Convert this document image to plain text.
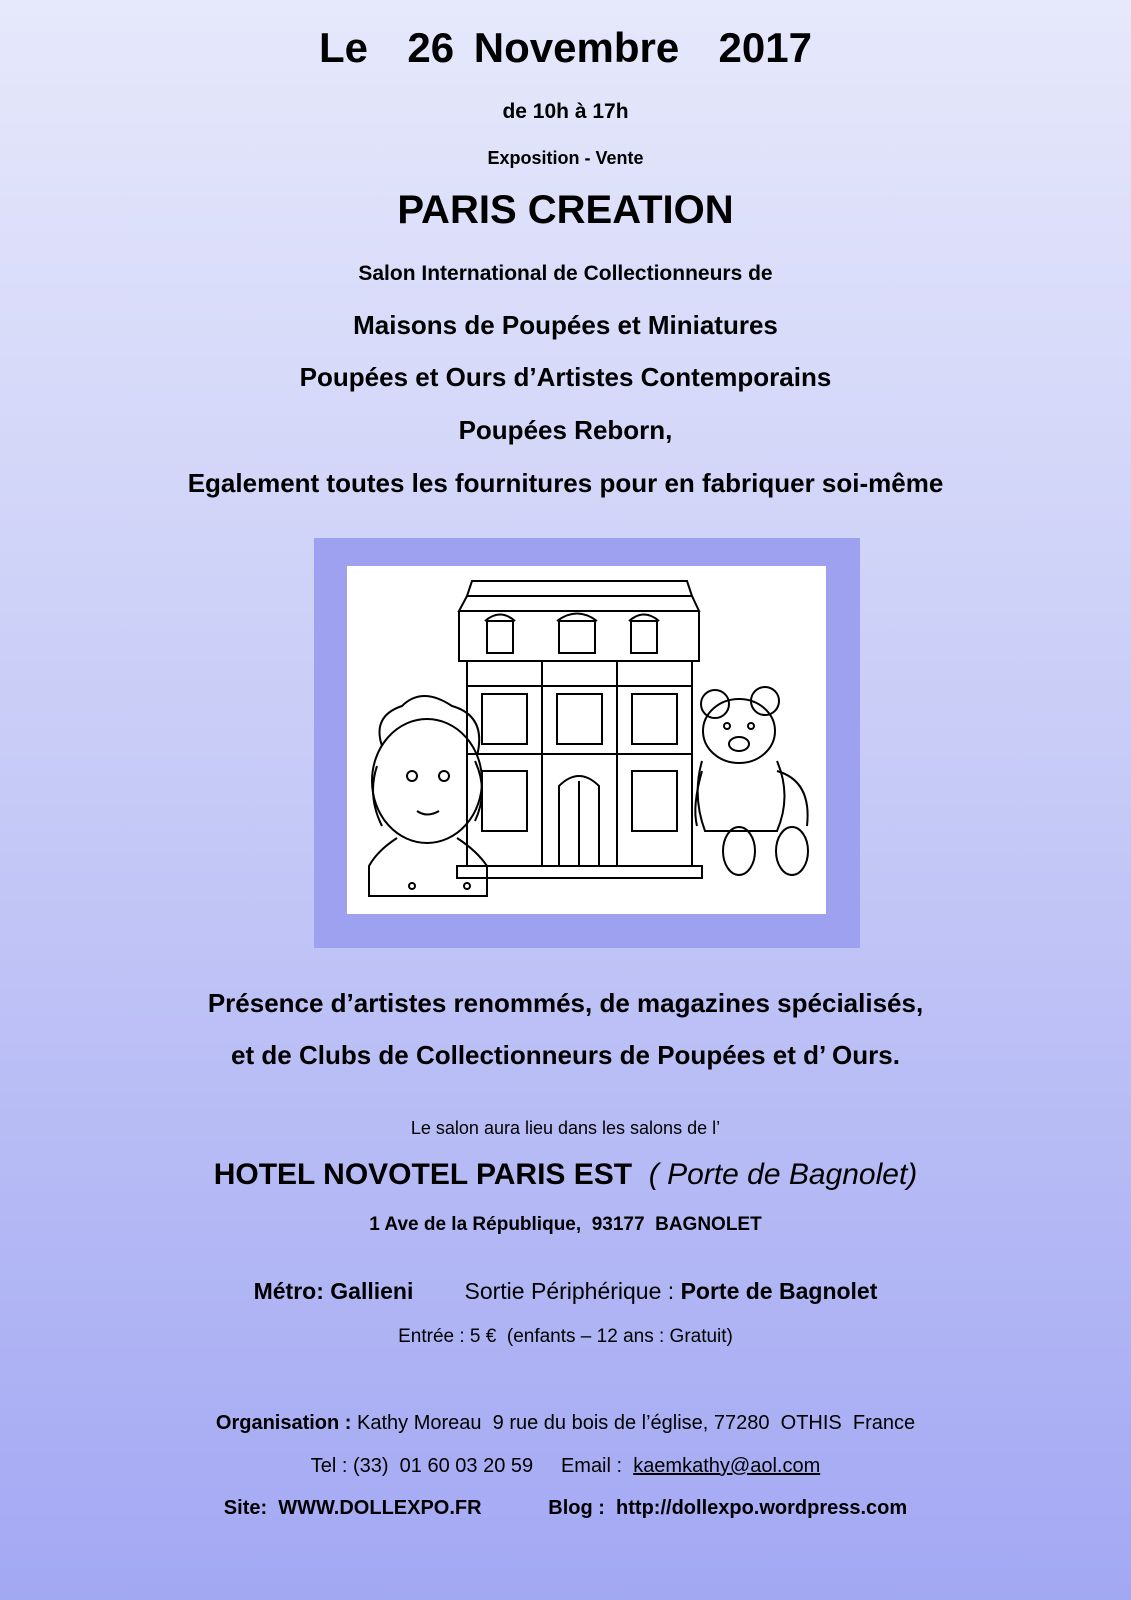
Le  26 Novembre  2017
de 10h à 17h
Exposition - Vente
PARIS CREATION
Salon International de Collectionneurs de
Maisons de Poupées et Miniatures
Poupées et Ours d’Artistes Contemporains
Poupées Reborn,
Egalement toutes les fournitures pour en fabriquer soi-même
Présence d’artistes renommés, de magazines spécialisés,
et de Clubs de Collectionneurs de Poupées et d’ Ours.
Le salon aura lieu dans les salons de l’
HOTEL NOVOTEL PARIS EST ( Porte de Bagnolet)
1 Ave de la République,  93177  BAGNOLET
Métro: Gallieni Sortie Périphérique : Porte de Bagnolet
Entrée : 5 €  (enfants – 12 ans : Gratuit)
Organisation : Kathy Moreau  9 rue du bois de l’église, 77280  OTHIS  France
Tel : (33)  01 60 03 20 59 Email : kaemkathy@aol.com
Site: WWW.DOLLEXPO.FR	Blog : http://dollexpo.wordpress.com
